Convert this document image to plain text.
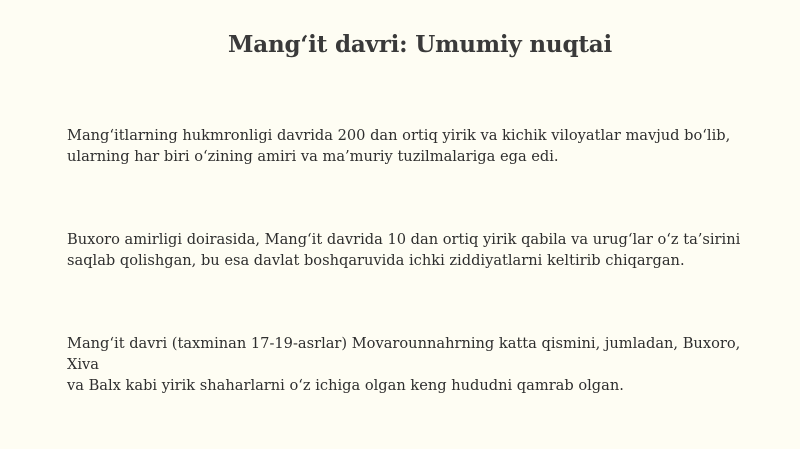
Mang‘it davri: Umumiy nuqtai
Mang‘itlarning hukmronligi davrida 200 dan ortiq yirik va kichik viloyatlar mavjud bo‘lib,
ularning har biri o‘zining amiri va ma’muriy tuzilmalariga ega edi.
Buxoro amirligi doirasida, Mang‘it davrida 10 dan ortiq yirik qabila va urug‘lar o‘z ta’sirini
saqlab qolishgan, bu esa davlat boshqaruvida ichki ziddiyatlarni keltirib chiqargan.
Mang‘it davri (taxminan 17-19-asrlar) Movarounnahrning katta qismini, jumladan, Buxoro, Xiva
va Balx kabi yirik shaharlarni o‘z ichiga olgan keng hududni qamrab olgan.
